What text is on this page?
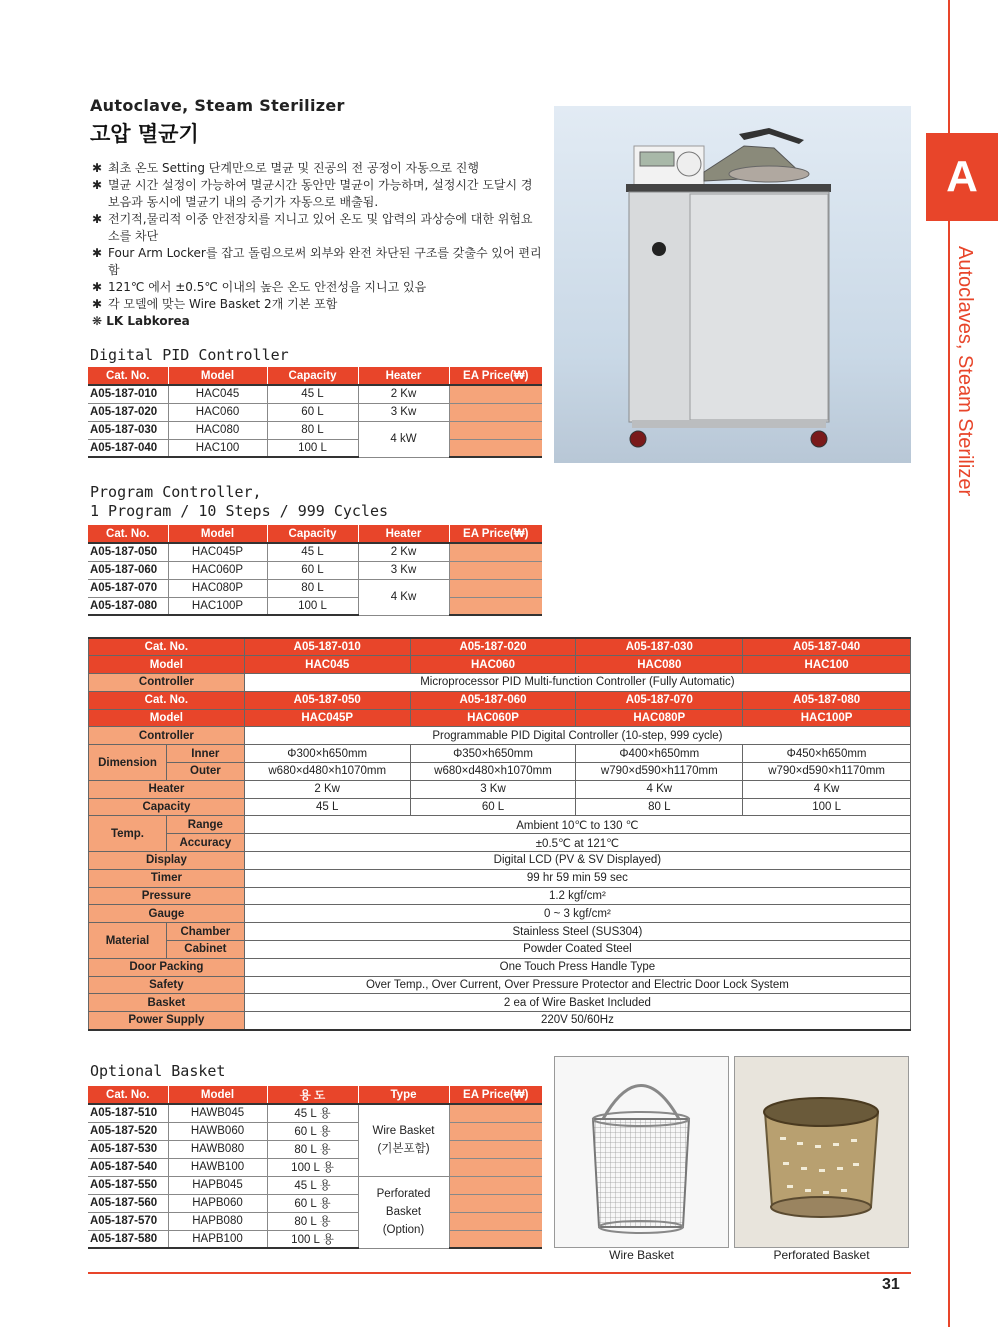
A
Autoclaves, Steam Sterilizer
Autoclave, Steam Sterilizer
고압 멸균기
✱ 최초 온도 Setting 단계만으로 멸균 및 진공의 전 공정이 자동으로 진행
✱ 멸균 시간 설정이 가능하여 멸균시간 동안만 멸균이 가능하며, 설정시간 도달시 경보음과 동시에 멸균기 내의 증기가 자동으로 배출됨.
✱ 전기적,물리적 이중 안전장치를 지니고 있어 온도 및 압력의 과상승에 대한 위험요소를 차단
✱ Four Arm Locker를 잡고 돌림으로써 외부와 완전 차단된 구조를 갖출수 있어 편리함
✱ 121℃ 에서 ±0.5℃ 이내의 높은 온도 안전성을 지니고 있음
✱ 각 모델에 맞는 Wire Basket 2개 기본 포함
❋ LK Labkorea
Digital PID Controller
Cat. No.	Model	Capacity	Heater	EA Price(₩)
A05-187-010	HAC045	45 L	2 Kw	
A05-187-020	HAC060	60 L	3 Kw	
A05-187-030	HAC080	80 L	4 kW	
A05-187-040	HAC100	100 L		
Program Controller,
1 Program / 10 Steps / 999 Cycles
Cat. No.	Model	Capacity	Heater	EA Price(₩)
A05-187-050	HAC045P	45 L	2 Kw	
A05-187-060	HAC060P	60 L	3 Kw	
A05-187-070	HAC080P	80 L	4 Kw	
A05-187-080	HAC100P	100 L		
Cat. No.		A05-187-010	A05-187-020	A05-187-030	A05-187-040
Model		HAC045	HAC060	HAC080	HAC100
Controller		Microprocessor PID Multi-function Controller (Fully Automatic)			
Cat. No.		A05-187-050	A05-187-060	A05-187-070	A05-187-080
Model		HAC045P	HAC060P	HAC080P	HAC100P
Controller		Programmable PID Digital Controller (10-step, 999 cycle)			
Dimension	Inner	Φ300×h650mm	Φ350×h650mm	Φ400×h650mm	Φ450×h650mm
	Outer	w680×d480×h1070mm	w680×d480×h1070mm	w790×d590×h1170mm	w790×d590×h1170mm
Heater		2 Kw	3 Kw	4 Kw	4 Kw
Capacity		45 L	60 L	80 L	100 L
Temp.	Range	Ambient 10℃ to 130 ℃			
	Accuracy	±0.5℃ at 121℃			
Display		Digital LCD (PV & SV Displayed)			
Timer		99 hr 59 min 59 sec			
Pressure		1.2 kgf/cm²			
Gauge		0 ~ 3 kgf/cm²			
Material	Chamber	Stainless Steel (SUS304)			
	Cabinet	Powder Coated Steel			
Door Packing		One Touch Press Handle Type			
Safety		Over Temp., Over Current, Over Pressure Protector and Electric Door Lock System			
Basket		2 ea of Wire Basket Included			
Power Supply		220V 50/60Hz			
Optional Basket
Cat. No.	Model	용 도	Type	EA Price(₩)
A05-187-510	HAWB045	45 L 용	Wire Basket
(기본포함)	

A05-187-520	HAWB060	60 L 용		
A05-187-530	HAWB080	80 L 용		
A05-187-540	HAWB100	100 L 용		
A05-187-550	HAPB045	45 L 용	Perforated
Basket
(Option)	

A05-187-560	HAPB060	60 L 용		
A05-187-570	HAPB080	80 L 용		
A05-187-580	HAPB100	100 L 용		
Wire Basket	Perforated Basket
31
